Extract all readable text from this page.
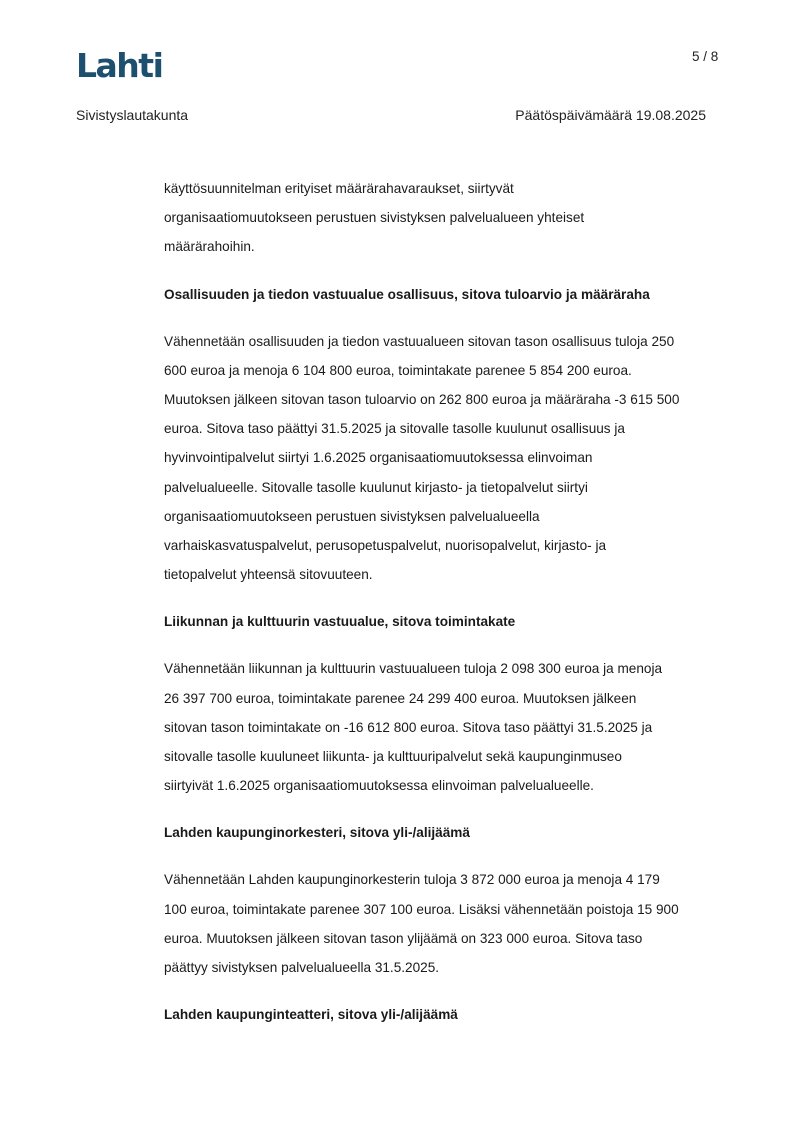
Lahti	5 / 8
Sivistyslautakunta	Päätöspäivämäärä 19.08.2025

käyttösuunnitelman erityiset määrärahavaraukset, siirtyvät
organisaatiomuutokseen perustuen sivistyksen palvelualueen yhteiset
määrärahoihin.

Osallisuuden ja tiedon vastuualue osallisuus, sitova tuloarvio ja määräraha

Vähennetään osallisuuden ja tiedon vastuualueen sitovan tason osallisuus tuloja 250
600 euroa ja menoja 6 104 800 euroa, toimintakate parenee 5 854 200 euroa.
Muutoksen jälkeen sitovan tason tuloarvio on 262 800 euroa ja määräraha -3 615 500
euroa. Sitova taso päättyi 31.5.2025 ja sitovalle tasolle kuulunut osallisuus ja
hyvinvointipalvelut siirtyi 1.6.2025 organisaatiomuutoksessa elinvoiman
palvelualueelle. Sitovalle tasolle kuulunut kirjasto- ja tietopalvelut siirtyi
organisaatiomuutokseen perustuen sivistyksen palvelualueella
varhaiskasvatuspalvelut, perusopetuspalvelut, nuorisopalvelut, kirjasto- ja
tietopalvelut yhteensä sitovuuteen.

Liikunnan ja kulttuurin vastuualue, sitova toimintakate

Vähennetään liikunnan ja kulttuurin vastuualueen tuloja 2 098 300 euroa ja menoja
26 397 700 euroa, toimintakate parenee 24 299 400 euroa. Muutoksen jälkeen
sitovan tason toimintakate on -16 612 800 euroa. Sitova taso päättyi 31.5.2025 ja
sitovalle tasolle kuuluneet liikunta- ja kulttuuripalvelut sekä kaupunginmuseo
siirtyivät 1.6.2025 organisaatiomuutoksessa elinvoiman palvelualueelle.

Lahden kaupunginorkesteri, sitova yli-/alijäämä

Vähennetään Lahden kaupunginorkesterin tuloja 3 872 000 euroa ja menoja 4 179
100 euroa, toimintakate parenee 307 100 euroa. Lisäksi vähennetään poistoja 15 900
euroa. Muutoksen jälkeen sitovan tason ylijäämä on 323 000 euroa. Sitova taso
päättyy sivistyksen palvelualueella 31.5.2025.

Lahden kaupunginteatteri, sitova yli-/alijäämä
